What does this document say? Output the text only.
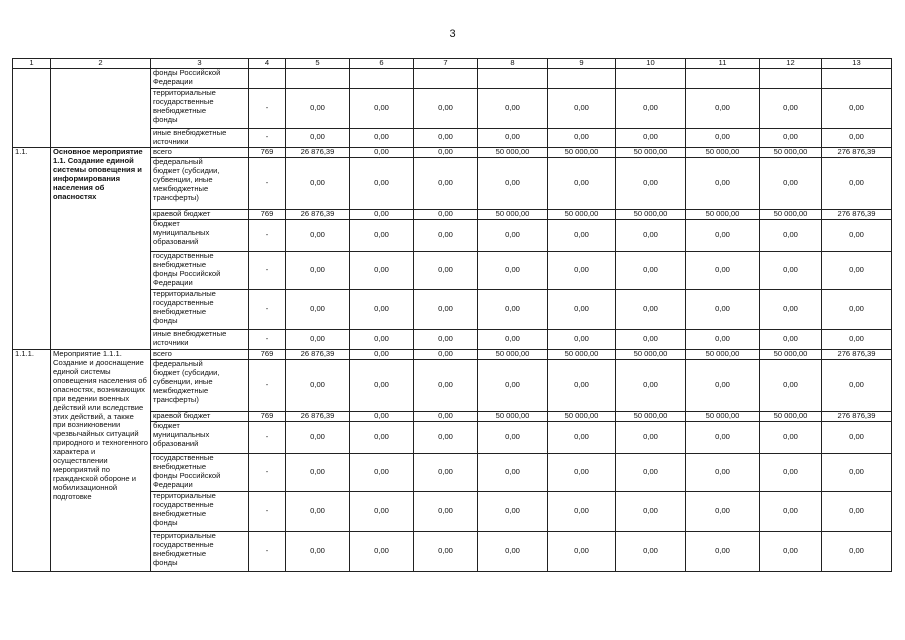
3
1	2	3	4	5	6	7	8	9	10	11	12	13
		фонды Российской
Федерации										
		территориальные
государственные
внебюджетные
фонды	-	0,00	0,00	0,00	0,00	0,00	0,00	0,00	0,00	0,00
		иные внебюджетные
источники	-	0,00	0,00	0,00	0,00	0,00	0,00	0,00	0,00	0,00
1.1.	Основное мероприятие 1.1. Создание единой системы оповещения и информирования населения об опасностях	всего	769	26 876,39	0,00	0,00	50 000,00	50 000,00	50 000,00	50 000,00	50 000,00	276 876,39
		федеральный
бюджет (субсидии,
субвенции, иные
межбюджетные
трансферты)	-	0,00	0,00	0,00	0,00	0,00	0,00	0,00	0,00	0,00
		краевой бюджет	769	26 876,39	0,00	0,00	50 000,00	50 000,00	50 000,00	50 000,00	50 000,00	276 876,39
		бюджет
муниципальных
образований	-	0,00	0,00	0,00	0,00	0,00	0,00	0,00	0,00	0,00
		государственные
внебюджетные
фонды Российской
Федерации	-	0,00	0,00	0,00	0,00	0,00	0,00	0,00	0,00	0,00
		территориальные
государственные
внебюджетные
фонды	-	0,00	0,00	0,00	0,00	0,00	0,00	0,00	0,00	0,00
		иные внебюджетные
источники	-	0,00	0,00	0,00	0,00	0,00	0,00	0,00	0,00	0,00
1.1.1.	Мероприятие 1.1.1. Создание и дооснащение единой системы оповещения населения об опасностях, возникающих при ведении военных действий или вследствие этих действий, а также при возникновении чрезвычайных ситуаций природного и техногенного характера и осуществлении мероприятий по гражданской обороне и мобилизационной подготовке	всего	769	26 876,39	0,00	0,00	50 000,00	50 000,00	50 000,00	50 000,00	50 000,00	276 876,39
		федеральный
бюджет (субсидии,
субвенции, иные
межбюджетные
трансферты)	-	0,00	0,00	0,00	0,00	0,00	0,00	0,00	0,00	0,00
		краевой бюджет	769	26 876,39	0,00	0,00	50 000,00	50 000,00	50 000,00	50 000,00	50 000,00	276 876,39
		бюджет
муниципальных
образований	-	0,00	0,00	0,00	0,00	0,00	0,00	0,00	0,00	0,00
		государственные
внебюджетные
фонды Российской
Федерации	-	0,00	0,00	0,00	0,00	0,00	0,00	0,00	0,00	0,00
		территориальные
государственные
внебюджетные
фонды	-	0,00	0,00	0,00	0,00	0,00	0,00	0,00	0,00	0,00
		территориальные
государственные
внебюджетные
фонды	-	0,00	0,00	0,00	0,00	0,00	0,00	0,00	0,00	0,00
